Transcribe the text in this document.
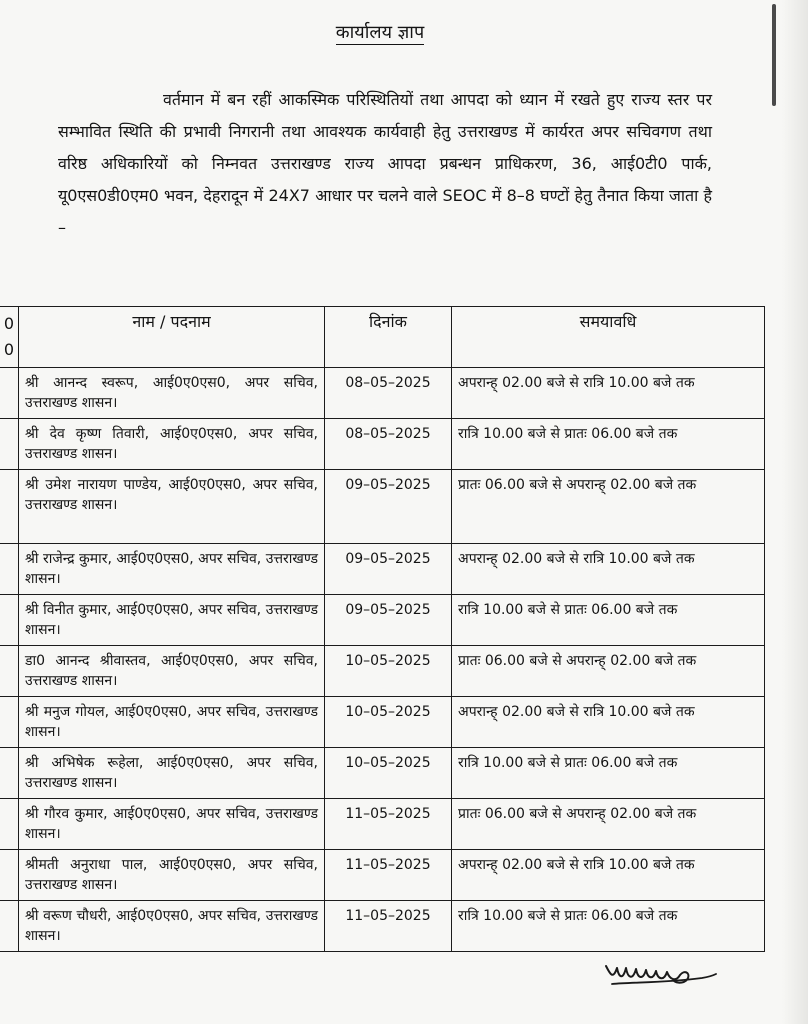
कार्यालय ज्ञाप

वर्तमान में बन रहीं आकस्मिक परिस्थितियों तथा आपदा को ध्यान में रखते हुए राज्य स्तर पर सम्भावित स्थिति की प्रभावी निगरानी तथा आवश्यक कार्यवाही हेतु उत्तराखण्ड में कार्यरत अपर सचिवगण तथा वरिष्ठ अधिकारियों को निम्नवत उत्तराखण्ड राज्य आपदा प्रबन्धन प्राधिकरण, 36, आई0टी0 पार्क, यू0एस0डी0एम0 भवन, देहरादून में 24X7 आधार पर चलने वाले SEOC में 8–8 घण्टों हेतु तैनात किया जाता है –

0
0	नाम / पदनाम	दिनांक	समयावधि
	श्री आनन्द स्वरूप, आई0ए0एस0, अपर सचिव, उत्तराखण्ड शासन।	08–05–2025	अपरान्ह् 02.00 बजे से रात्रि 10.00 बजे तक
	श्री देव कृष्ण तिवारी, आई0ए0एस0, अपर सचिव, उत्तराखण्ड शासन।	08–05–2025	रात्रि 10.00 बजे से प्रातः 06.00 बजे तक
	श्री उमेश नारायण पाण्डेय, आई0ए0एस0, अपर सचिव, उत्तराखण्ड शासन।	09–05–2025	प्रातः 06.00 बजे से अपरान्ह् 02.00 बजे तक
	श्री राजेन्द्र कुमार, आई0ए0एस0, अपर सचिव, उत्तराखण्ड शासन।	09–05–2025	अपरान्ह् 02.00 बजे से रात्रि 10.00 बजे तक
	श्री विनीत कुमार, आई0ए0एस0, अपर सचिव, उत्तराखण्ड शासन।	09–05–2025	रात्रि 10.00 बजे से प्रातः 06.00 बजे तक
	डा0 आनन्द श्रीवास्तव, आई0ए0एस0, अपर सचिव, उत्तराखण्ड शासन।	10–05–2025	प्रातः 06.00 बजे से अपरान्ह् 02.00 बजे तक
	श्री मनुज गोयल, आई0ए0एस0, अपर सचिव, उत्तराखण्ड शासन।	10–05–2025	अपरान्ह् 02.00 बजे से रात्रि 10.00 बजे तक
	श्री अभिषेक रूहेला, आई0ए0एस0, अपर सचिव, उत्तराखण्ड शासन।	10–05–2025	रात्रि 10.00 बजे से प्रातः 06.00 बजे तक
	श्री गौरव कुमार, आई0ए0एस0, अपर सचिव, उत्तराखण्ड शासन।	11–05–2025	प्रातः 06.00 बजे से अपरान्ह् 02.00 बजे तक
	श्रीमती अनुराधा पाल, आई0ए0एस0, अपर सचिव, उत्तराखण्ड शासन।	11–05–2025	अपरान्ह् 02.00 बजे से रात्रि 10.00 बजे तक
	श्री वरूण चौधरी, आई0ए0एस0, अपर सचिव, उत्तराखण्ड शासन।	11–05–2025	रात्रि 10.00 बजे से प्रातः 06.00 बजे तक
